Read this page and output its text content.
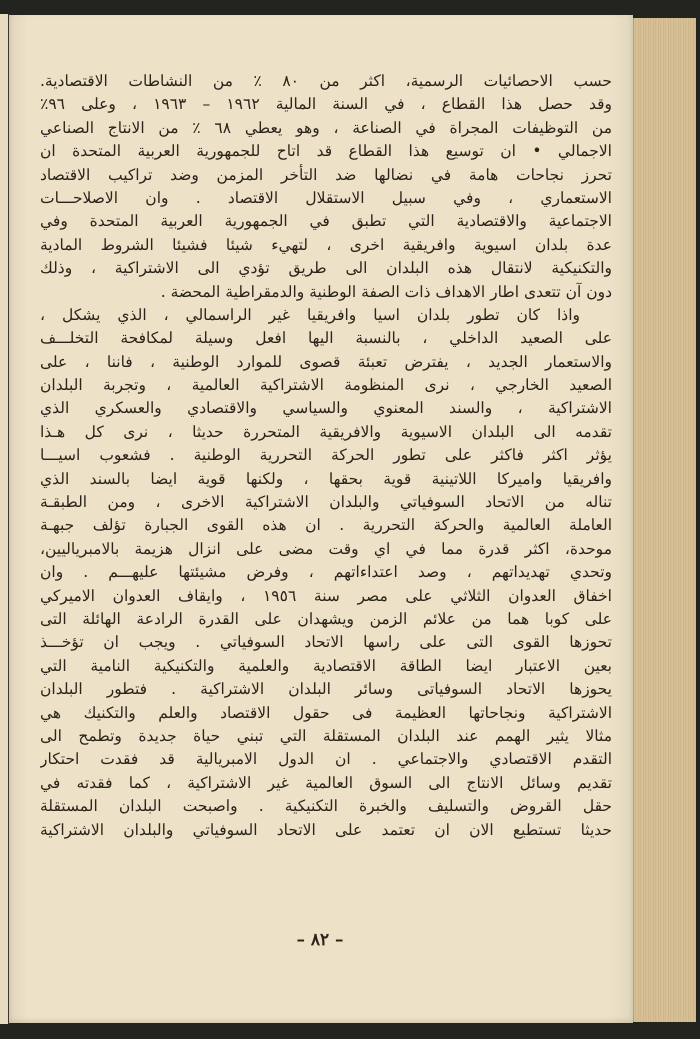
حسب الاحصائيات الرسمية، اكثر من ٨٠ ٪ من النشاطات الاقتصادية.
وقد حصل هذا القطاع ، في السنة المالية ١٩٦٢ – ١٩٦٣ ، وعلى ٩٦٪
من التوظيفات المجراة في الصناعة ، وهو يعطي ٦٨ ٪ من الانتاج الصناعي
الاجمالي • ان توسيع هذا القطاع قد اتاح للجمهورية العربية المتحدة ان
تحرز نجاحات هامة في نضالها ضد التأخر المزمن وضد تراكيب الاقتصاد
الاستعماري ، وفي سبيل الاستقلال الاقتصاد . وان الاصلاحـــات
الاجتماعية والاقتصادية التي تطبق في الجمهورية العربية المتحدة وفي
عدة بلدان اسيوية وافريقية اخرى ، لتهيء شيئا فشيئا الشروط المادية
والتكنيكية لانتقال هذه البلدان الى طريق تؤدي الى الاشتراكية ، وذلك
دون آن تتعدى اطار الاهداف ذات الصفة الوطنية والدمقراطية المحضة .
واذا كان تطور بلدان اسيا وافريقيا غير الراسمالي ، الذي يشكل ،
على الصعيد الداخلي ، بالنسبة اليها افعل وسيلة لمكافحة التخلـــف
والاستعمار الجديد ، يفترض تعبئة قصوى للموارد الوطنية ، فاننا ، على
الصعيد الخارجي ، نرى المنظومة الاشتراكية العالمية ، وتجربة البلدان
الاشتراكية ، والسند المعنوي والسياسي والاقتصادي والعسكري الذي
تقدمه الى البلدان الاسيوية والافريقية المتحررة حديثا ، نرى كل هـذا
يؤثر اكثر فاكثر على تطور الحركة التحررية الوطنية . فشعوب اسيـــا
وافريقيا واميركا اللاتينية قوية بحقها ، ولكنها قوية ايضا بالسند الذي
تناله من الاتحاد السوفياتي والبلدان الاشتراكية الاخرى ، ومن الطبقـة
العاملة العالمية والحركة التحررية . ان هذه القوى الجبارة تؤلف جبهـة
موحدة، اكثر قدرة مما في اي وقت مضى على انزال هزيمة بالامبرياليين،
وتحدي تهديداتهم ، وصد اعتداءاتهم ، وفرض مشيئتها عليهـــم . وان
اخفاق العدوان الثلاثي على مصر سنة ١٩٥٦ ، وايقاف العدوان الاميركي
على كوبا هما من علائم الزمن ويشهدان على القدرة الرادعة الهائلة التى
تحوزها القوى التى على راسها الاتحاد السوفياتي . ويجب ان تؤخـــذ
بعين الاعتبار ايضا الطاقة الاقتصادية والعلمية والتكنيكية النامية التي
يحوزها الاتحاد السوفياتى وسائر البلدان الاشتراكية . فتطور البلدان
الاشتراكية ونجاحاتها العظيمة فى حقول الاقتصاد والعلم والتكنيك هي
مثالا يثير الهمم عند البلدان المستقلة التي تبني حياة جديدة وتطمح الى
التقدم الاقتصادي والاجتماعي . ان الدول الامبريالية قد فقدت احتكار
تقديم وسائل الانتاج الى السوق العالمية غير الاشتراكية ، كما فقدته في
حقل القروض والتسليف والخبرة التكنيكية . واصبحت البلدان المستقلة
حديثا تستطيع الان ان تعتمد على الاتحاد السوفياتي والبلدان الاشتراكية
– ٨٢ –
